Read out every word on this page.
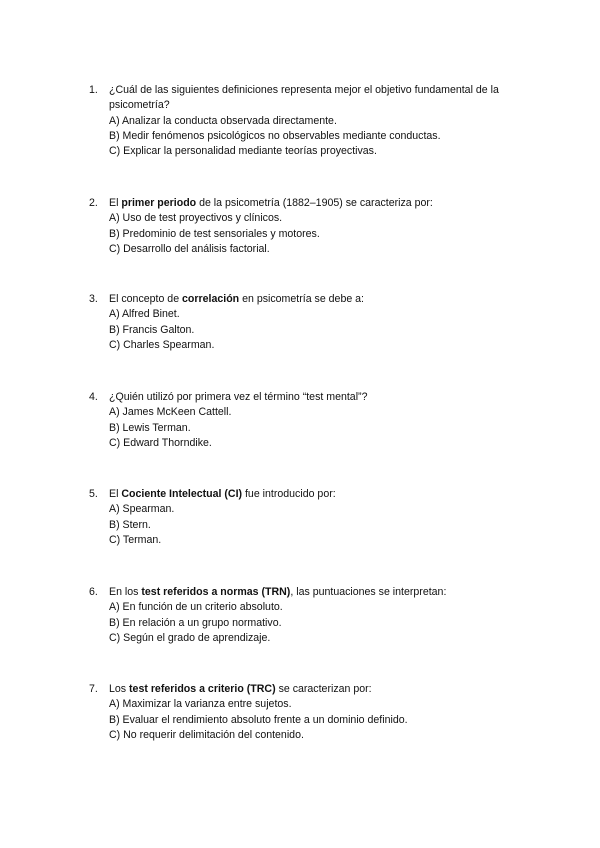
1. ¿Cuál de las siguientes definiciones representa mejor el objetivo fundamental de la psicometría?
A) Analizar la conducta observada directamente.
B) Medir fenómenos psicológicos no observables mediante conductas.
C) Explicar la personalidad mediante teorías proyectivas.
2. El primer periodo de la psicometría (1882–1905) se caracteriza por:
A) Uso de test proyectivos y clínicos.
B) Predominio de test sensoriales y motores.
C) Desarrollo del análisis factorial.
3. El concepto de correlación en psicometría se debe a:
A) Alfred Binet.
B) Francis Galton.
C) Charles Spearman.
4. ¿Quién utilizó por primera vez el término “test mental”?
A) James McKeen Cattell.
B) Lewis Terman.
C) Edward Thorndike.
5. El Cociente Intelectual (CI) fue introducido por:
A) Spearman.
B) Stern.
C) Terman.
6. En los test referidos a normas (TRN), las puntuaciones se interpretan:
A) En función de un criterio absoluto.
B) En relación a un grupo normativo.
C) Según el grado de aprendizaje.
7. Los test referidos a criterio (TRC) se caracterizan por:
A) Maximizar la varianza entre sujetos.
B) Evaluar el rendimiento absoluto frente a un dominio definido.
C) No requerir delimitación del contenido.
